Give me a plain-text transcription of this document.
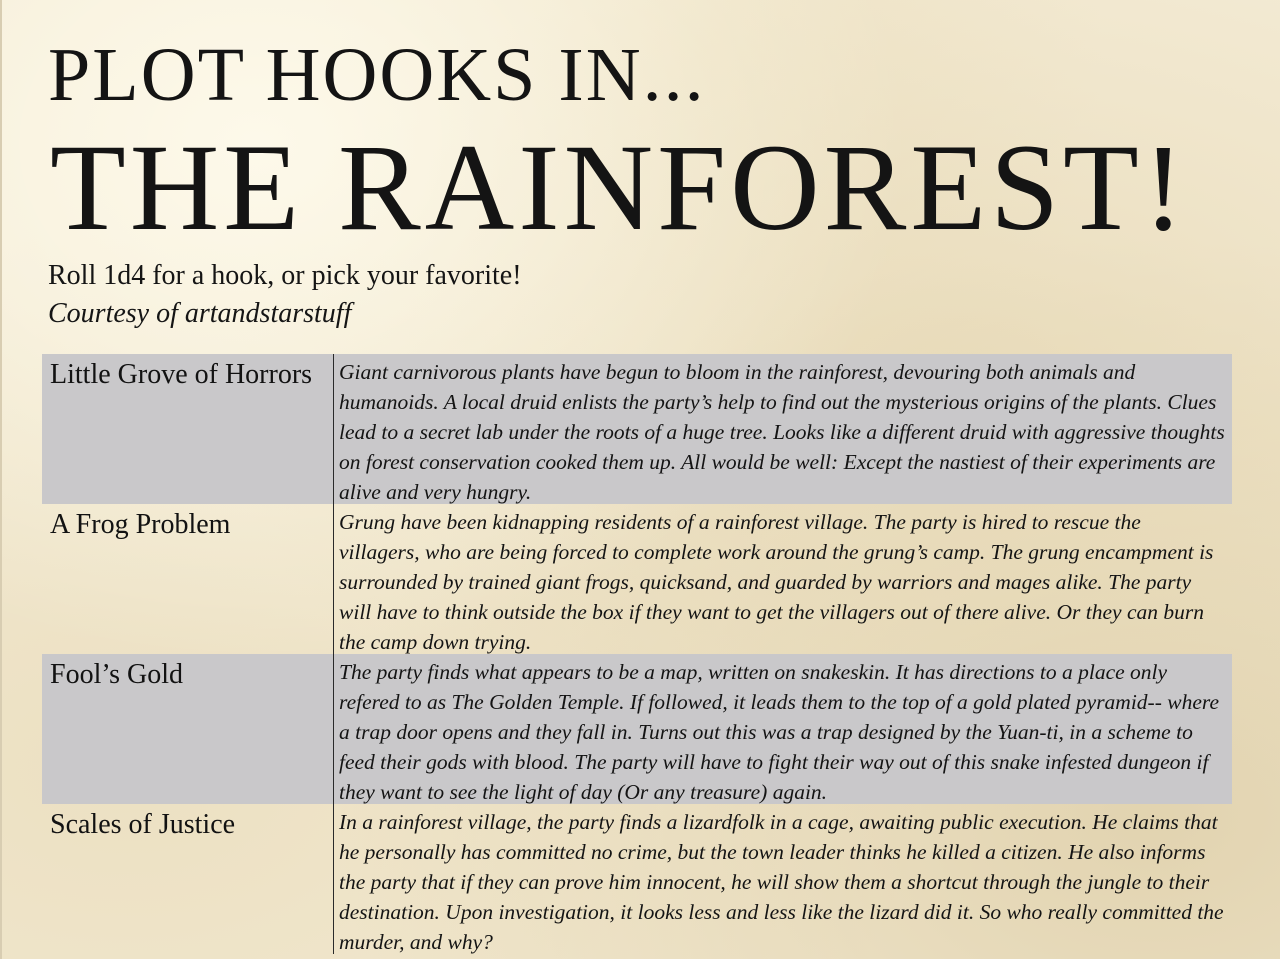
PLOT HOOKS IN...
THE RAINFOREST!
Roll 1d4 for a hook, or pick your favorite!
Courtesy of artandstarstuff
Little Grove of Horrors	Giant carnivorous plants have begun to bloom in the rainforest, devouring both animals and humanoids. A local druid enlists the party’s help to find out the mysterious origins of the plants. Clues lead to a secret lab under the roots of a huge tree. Looks like a different druid with aggressive thoughts on forest conservation cooked them up. All would be well: Except the nastiest of their experiments are alive and very hungry.
A Frog Problem	Grung have been kidnapping residents of a rainforest village. The party is hired to rescue the villagers, who are being forced to complete work around the grung’s camp. The grung encampment is surrounded by trained giant frogs, quicksand, and guarded by warriors and mages alike. The party will have to think outside the box if they want to get the villagers out of there alive. Or they can burn the camp down trying.
Fool’s Gold	The party finds what appears to be a map, written on snakeskin. It has directions to a place only refered to as The Golden Temple. If followed, it leads them to the top of a gold plated pyramid-- where a trap door opens and they fall in. Turns out this was a trap designed by the Yuan-ti, in a scheme to feed their gods with blood. The party will have to fight their way out of this snake infested dungeon if they want to see the light of day (Or any treasure) again.
Scales of Justice	In a rainforest village, the party finds a lizardfolk in a cage, awaiting public execution. He claims that he personally has committed no crime, but the town leader thinks he killed a citizen. He also informs the party that if they can prove him innocent, he will show them a shortcut through the jungle to their destination. Upon investigation, it looks less and less like the lizard did it. So who really committed the murder, and why?
